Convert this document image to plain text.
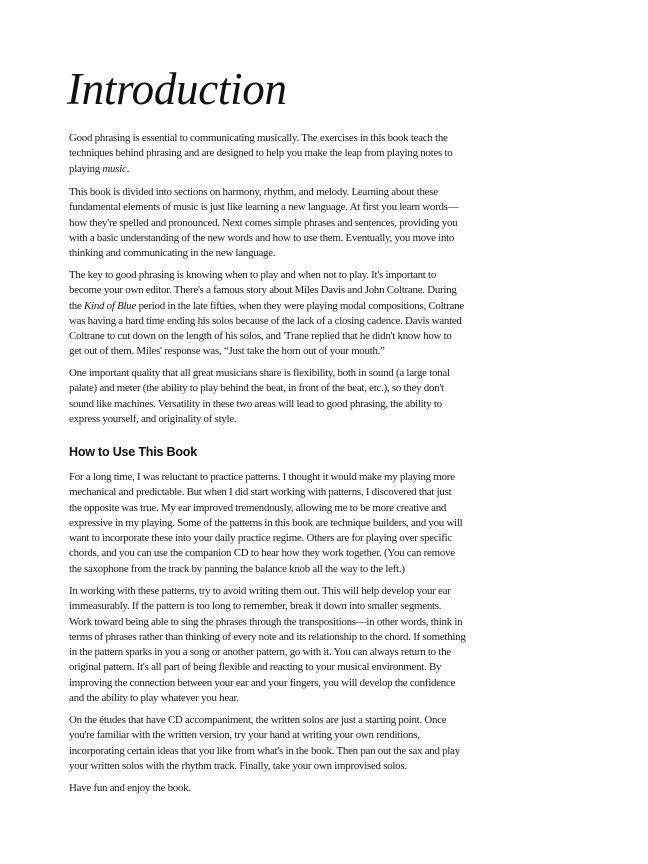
Introduction

Good phrasing is essential to communicating musically. The exercises in this book teach the techniques behind phrasing and are designed to help you make the leap from playing notes to playing music.

This book is divided into sections on harmony, rhythm, and melody. Learning about these fundamental elements of music is just like learning a new language. At first you learn words—how they're spelled and pronounced. Next comes simple phrases and sentences, providing you with a basic understanding of the new words and how to use them. Eventually, you move into thinking and communicating in the new language.

The key to good phrasing is knowing when to play and when not to play. It's important to become your own editor. There's a famous story about Miles Davis and John Coltrane. During the Kind of Blue period in the late fifties, when they were playing modal compositions, Coltrane was having a hard time ending his solos because of the lack of a closing cadence. Davis wanted Coltrane to cut down on the length of his solos, and 'Trane replied that he didn't know how to get out of them. Miles' response was, “Just take the horn out of your mouth.”

One important quality that all great musicians share is flexibility, both in sound (a large tonal palate) and meter (the ability to play behind the beat, in front of the beat, etc.), so they don't sound like machines. Versatility in these two areas will lead to good phrasing, the ability to express yourself, and originality of style.

How to Use This Book

For a long time, I was reluctant to practice patterns. I thought it would make my playing more mechanical and predictable. But when I did start working with patterns, I discovered that just the opposite was true. My ear improved tremendously, allowing me to be more creative and expressive in my playing. Some of the patterns in this book are technique builders, and you will want to incorporate these into your daily practice regime. Others are for playing over specific chords, and you can use the companion CD to hear how they work together. (You can remove the saxophone from the track by panning the balance knob all the way to the left.)

In working with these patterns, try to avoid writing them out. This will help develop your ear immeasurably. If the pattern is too long to remember, break it down into smaller segments. Work toward being able to sing the phrases through the transpositions—in other words, think in terms of phrases rather than thinking of every note and its relationship to the chord. If something in the pattern sparks in you a song or another pattern, go with it. You can always return to the original pattern. It's all part of being flexible and reacting to your musical environment. By improving the connection between your ear and your fingers, you will develop the confidence and the ability to play whatever you hear.

On the études that have CD accompaniment, the written solos are just a starting point. Once you're familiar with the written version, try your hand at writing your own renditions, incorporating certain ideas that you like from what's in the book. Then pan out the sax and play your written solos with the rhythm track. Finally, take your own improvised solos.

Have fun and enjoy the book.
